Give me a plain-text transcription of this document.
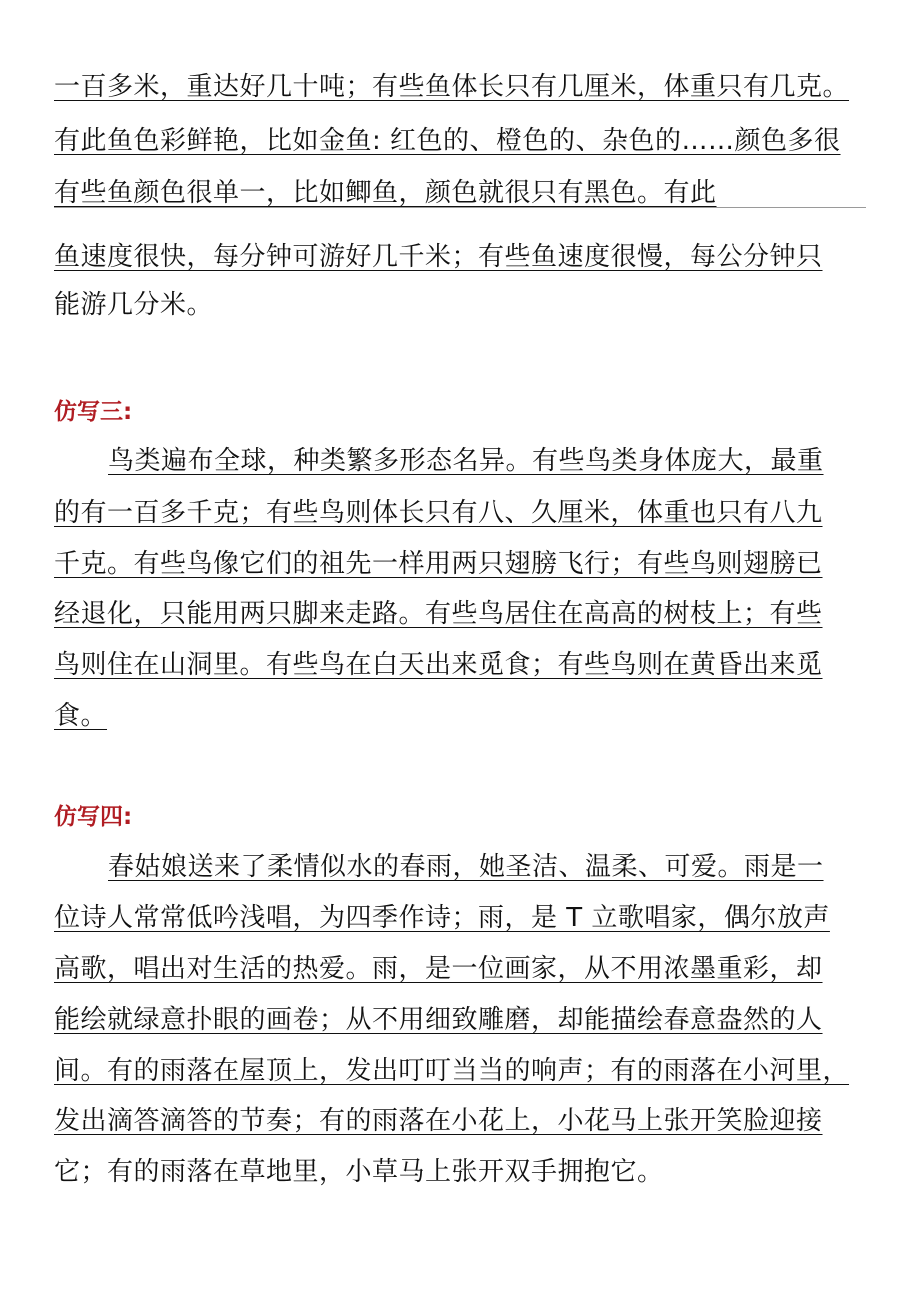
一百多米，重达好几十吨；有些鱼体长只有几厘米，体重只有几克。
有此鱼色彩鲜艳，比如金鱼: 红色的、橙色的、杂色的……颜色多很
有些鱼颜色很单一，比如鲫鱼，颜色就很只有黑色。有此
鱼速度很快，每分钟可游好几千米；有些鱼速度很慢，每公分钟只
能游几分米。
仿写三:
鸟类遍布全球，种类繁多形态名异。有些鸟类身体庞大，最重
的有一百多千克；有些鸟则体长只有八、久厘米，体重也只有八九
千克。有些鸟像它们的祖先一样用两只翅膀飞行；有些鸟则翅膀已
经退化，只能用两只脚来走路。有些鸟居住在高高的树枝上；有些
鸟则住在山洞里。有些鸟在白天出来觅食；有些鸟则在黄昏出来觅
食。
仿写四:
春姑娘送来了柔情似水的春雨，她圣洁、温柔、可爱。雨是一
位诗人常常低吟浅唱，为四季作诗；雨，是 T 立歌唱家，偶尔放声
高歌，唱出对生活的热爱。雨，是一位画家，从不用浓墨重彩，却
能绘就绿意扑眼的画卷；从不用细致雕磨，却能描绘春意盎然的人
间。有的雨落在屋顶上，发出叮叮当当的响声；有的雨落在小河里，
发出滴答滴答的节奏；有的雨落在小花上，小花马上张开笑脸迎接
它；有的雨落在草地里，小草马上张开双手拥抱它。
